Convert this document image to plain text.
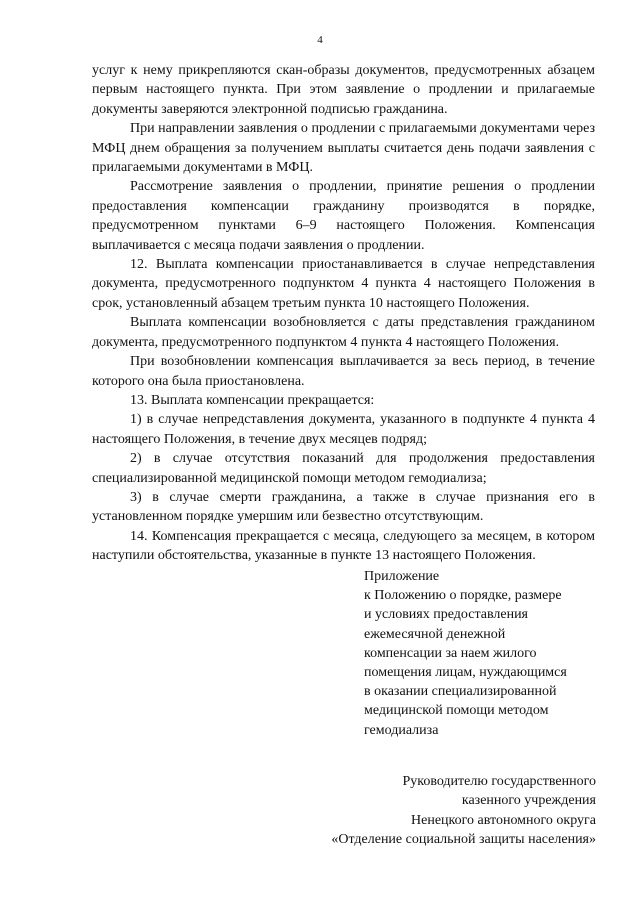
4

услуг к нему прикрепляются скан-образы документов, предусмотренных абзацем первым настоящего пункта. При этом заявление о продлении и прилагаемые документы заверяются электронной подписью гражданина.

При направлении заявления о продлении с прилагаемыми документами через МФЦ днем обращения за получением выплаты считается день подачи заявления с прилагаемыми документами в МФЦ.

Рассмотрение заявления о продлении, принятие решения о продлении предоставления компенсации гражданину производятся в порядке, предусмотренном пунктами 6–9 настоящего Положения. Компенсация выплачивается с месяца подачи заявления о продлении.

12. Выплата компенсации приостанавливается в случае непредставления документа, предусмотренного подпунктом 4 пункта 4 настоящего Положения в срок, установленный абзацем третьим пункта 10 настоящего Положения.

Выплата компенсации возобновляется с даты представления гражданином документа, предусмотренного подпунктом 4 пункта 4 настоящего Положения.

При возобновлении компенсация выплачивается за весь период, в течение которого она была приостановлена.

13. Выплата компенсации прекращается:

1) в случае непредставления документа, указанного в подпункте 4 пункта 4 настоящего Положения, в течение двух месяцев подряд;

2) в случае отсутствия показаний для продолжения предоставления специализированной медицинской помощи методом гемодиализа;

3) в случае смерти гражданина, а также в случае признания его в установленном порядке умершим или безвестно отсутствующим.

14. Компенсация прекращается с месяца, следующего за месяцем, в котором наступили обстоятельства, указанные в пункте 13 настоящего Положения.

Приложение
к Положению о порядке, размере
и условиях предоставления
ежемесячной денежной
компенсации за наем жилого
помещения лицам, нуждающимся
в оказании специализированной
медицинской помощи методом
гемодиализа
Руководителю государственного
казенного учреждения
Ненецкого автономного округа
«Отделение социальной защиты населения»
